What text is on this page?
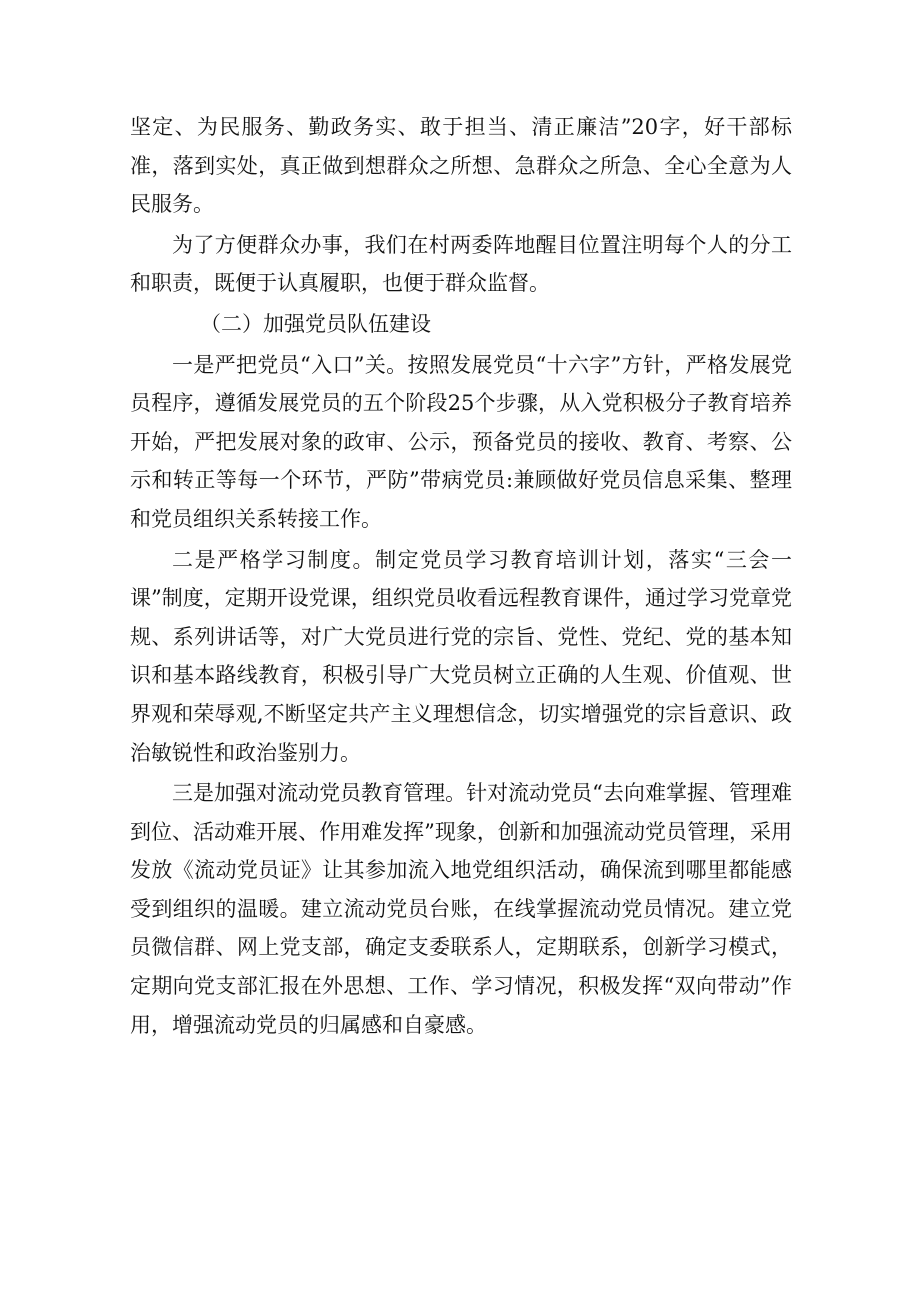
坚定、为民服务、勤政务实、敢于担当、清正廉洁”20字，好干部标准，落到实处，真正做到想群众之所想、急群众之所急、全心全意为人民服务。

为了方便群众办事，我们在村两委阵地醒目位置注明每个人的分工和职责，既便于认真履职，也便于群众监督。

（二）加强党员队伍建设

一是严把党员“入口”关。按照发展党员“十六字”方针，严格发展党员程序，遵循发展党员的五个阶段25个步骤，从入党积极分子教育培养开始，严把发展对象的政审、公示，预备党员的接收、教育、考察、公示和转正等每一个环节，严防”带病党员:兼顾做好党员信息采集、整理和党员组织关系转接工作。

二是严格学习制度。制定党员学习教育培训计划，落实“三会一课”制度，定期开设党课，组织党员收看远程教育课件，通过学习党章党规、系列讲话等，对广大党员进行党的宗旨、党性、党纪、党的基本知识和基本路线教育，积极引导广大党员树立正确的人生观、价值观、世界观和荣辱观,不断坚定共产主义理想信念，切实增强党的宗旨意识、政治敏锐性和政治鉴别力。

三是加强对流动党员教育管理。针对流动党员“去向难掌握、管理难到位、活动难开展、作用难发挥”现象，创新和加强流动党员管理，采用发放《流动党员证》让其参加流入地党组织活动，确保流到哪里都能感受到组织的温暖。建立流动党员台账，在线掌握流动党员情况。建立党员微信群、网上党支部，确定支委联系人，定期联系，创新学习模式，定期向党支部汇报在外思想、工作、学习情况，积极发挥“双向带动”作用，增强流动党员的归属感和自豪感。
